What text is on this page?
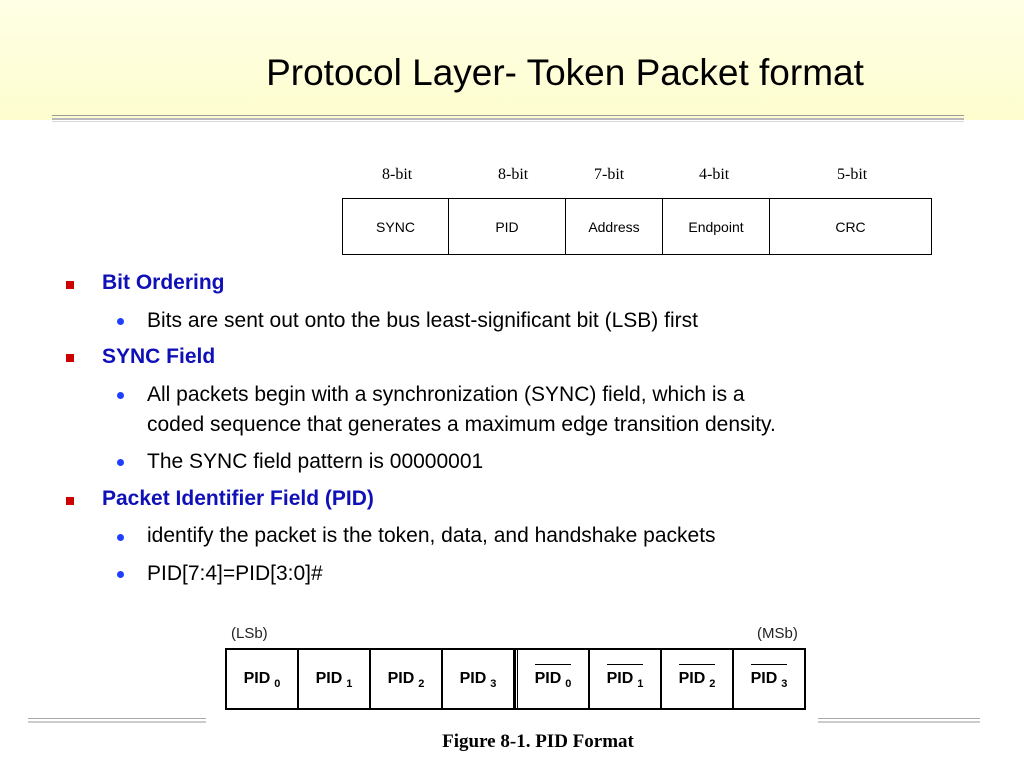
Protocol Layer- Token Packet format
8-bit	8-bit	7-bit	4-bit	5-bit
SYNC	PID	Address	Endpoint	CRC
Bit Ordering
Bits are sent out onto the bus least-significant bit (LSB) first
SYNC Field
All packets begin with a synchronization (SYNC) field, which is a
coded sequence that generates a maximum edge transition density.
The SYNC field pattern is 00000001
Packet Identifier Field (PID)
identify the packet is the token, data, and handshake packets
PID[7:4]=PID[3:0]#
(LSb)	(MSb)
PID $_0$	PID $_1$	PID $_2$	PID $_3$	PID $_0$	PID $_1$	PID $_2$	PID $_3$
Figure 8-1. PID Format
